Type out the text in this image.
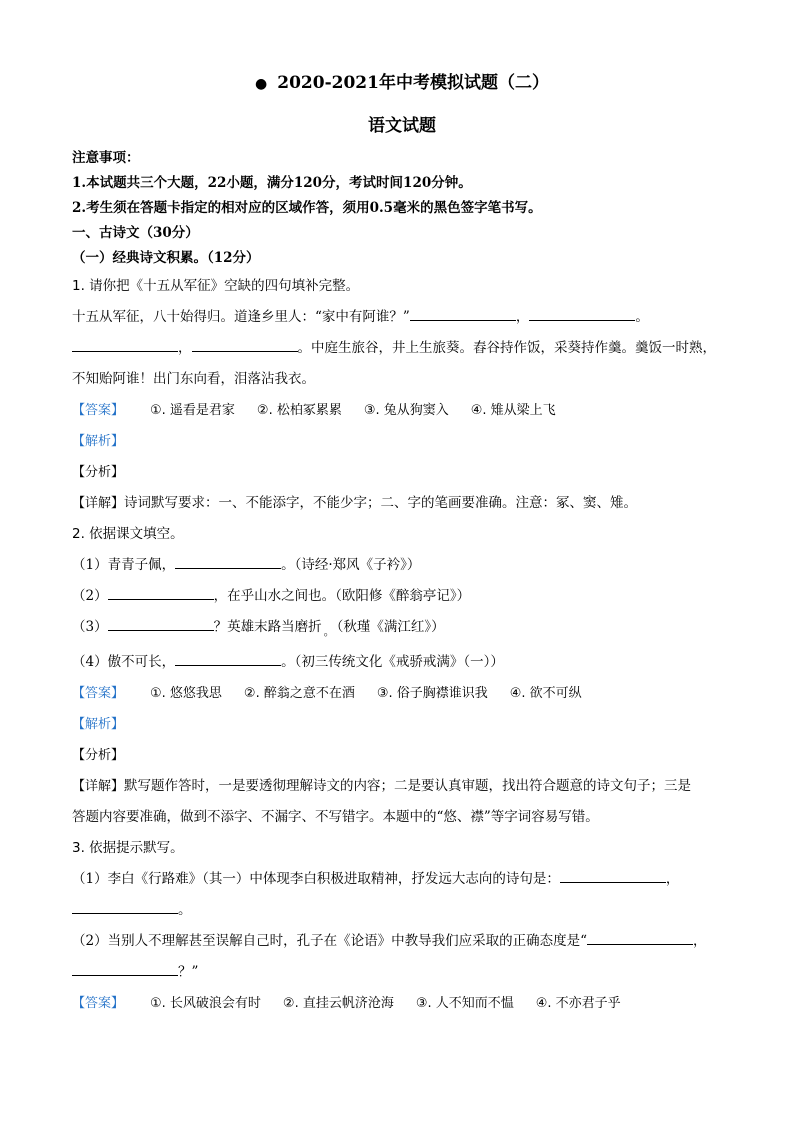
● 2020-2021年中考模拟试题（二）
语文试题
注意事项：
1.本试题共三个大题，22小题，满分120分，考试时间120分钟。
2.考生须在答题卡指定的相对应的区域作答，须用0.5毫米的黑色签字笔书写。
一、古诗文（30分）
（一）经典诗文积累。（12分）
1. 请你把《十五从军征》空缺的四句填补完整。
十五从军征，八十始得归。道逢乡里人：“家中有阿谁？”	，	。
，	。中庭生旅谷，井上生旅葵。舂谷持作饭，采葵持作羹。羹饭一时熟，
不知贻阿谁！出门东向看，泪落沾我衣。
【答案】 ①. 遥看是君家 ②. 松柏冢累累 ③. 兔从狗窦入 ④. 雉从梁上飞
【解析】
【分析】
【详解】诗词默写要求：一、不能添字，不能少字；二、字的笔画要准确。注意：冢、窦、雉。
2. 依据课文填空。
（1）青青子佩，	。（诗经·郑风《子衿》）
（2）	，在乎山水之间也。（欧阳修《醉翁亭记》）
（3）	？英雄末路当磨折 $_。$ （秋瑾《满江红》）
（4）傲不可长，	。（初三传统文化《戒骄戒满》（一））
【答案】 ①. 悠悠我思 ②. 醉翁之意不在酒 ③. 俗子胸襟谁识我 ④. 欲不可纵
【解析】
【分析】
【详解】默写题作答时，一是要透彻理解诗文的内容；二是要认真审题，找出符合题意的诗文句子；三是
答题内容要准确，做到不添字、不漏字、不写错字。本题中的“悠、襟”等字词容易写错。
3. 依据提示默写。
（1）李白《行路难》（其一）中体现李白积极进取精神，抒发远大志向的诗句是：	，
。
（2）当别人不理解甚至误解自己时，孔子在《论语》中教导我们应采取的正确态度是“	，
？”
【答案】 ①. 长风破浪会有时 ②. 直挂云帆济沧海 ③. 人不知而不愠 ④. 不亦君子乎
